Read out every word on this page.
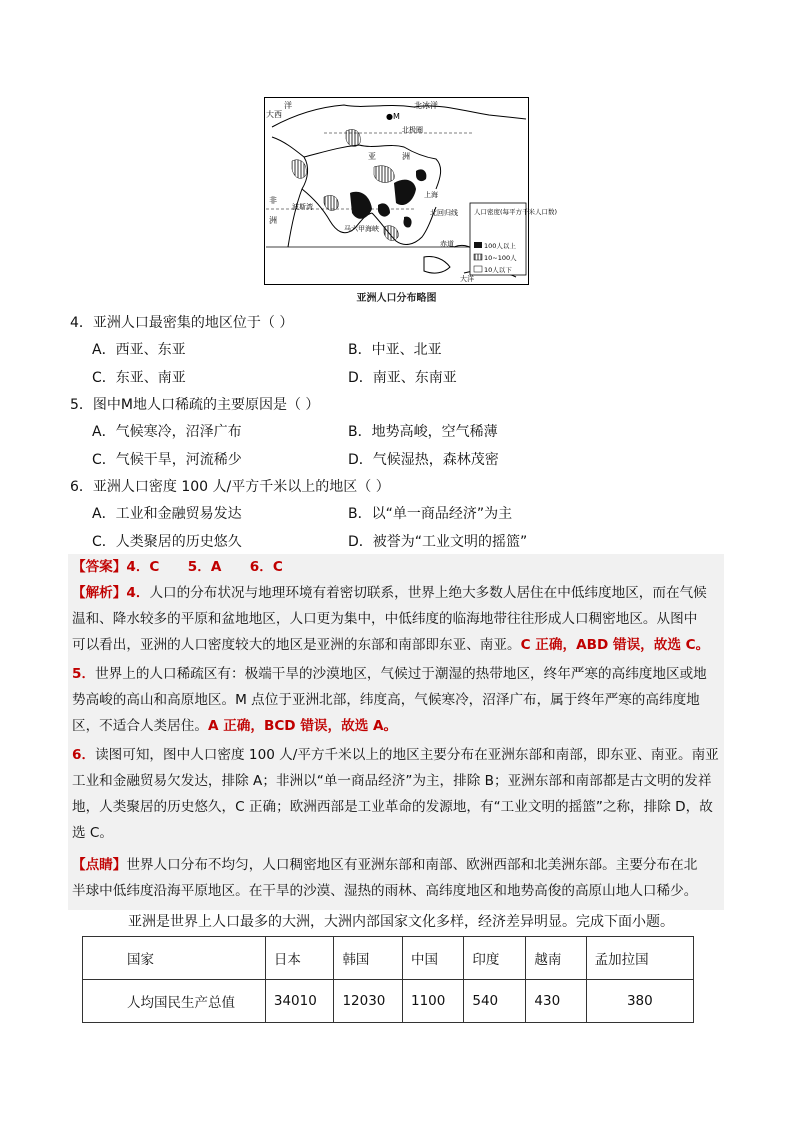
北冰洋
洋
大西	●M
北极圈
亚	洲
上海
非
洲
波斯湾
北回归线
马六甲海峡
赤道
大洋
人口密度(每平方千米人口数)
100人以上
10~100人
10人以下
亚洲人口分布略图
4．亚洲人口最密集的地区位于（ ）
A．西亚、东亚	B．中亚、北亚
C．东亚、南亚	D．南亚、东南亚
5．图中M地人口稀疏的主要原因是（ ）
A．气候寒冷，沼泽广布	B．地势高峻，空气稀薄
C．气候干旱，河流稀少	D．气候湿热，森林茂密
6．亚洲人口密度 100 人/平方千米以上的地区（ ）
A．工业和金融贸易发达	B．以“单一商品经济”为主
C．人类聚居的历史悠久	D．被誉为“工业文明的摇篮”
【答案】4．C      5．A      6．C
【解析】4．人口的分布状况与地理环境有着密切联系，世界上绝大多数人居住在中低纬度地区，而在气候
温和、降水较多的平原和盆地地区，人口更为集中，中低纬度的临海地带往往形成人口稠密地区。从图中
可以看出，亚洲的人口密度较大的地区是亚洲的东部和南部即东亚、南亚。C 正确，ABD 错误，故选 C。
5．世界上的人口稀疏区有：极端干旱的沙漠地区，气候过于潮湿的热带地区，终年严寒的高纬度地区或地
势高峻的高山和高原地区。M 点位于亚洲北部，纬度高，气候寒冷，沼泽广布，属于终年严寒的高纬度地
区，不适合人类居住。A 正确，BCD 错误，故选 A。
6．读图可知，图中人口密度 100 人/平方千米以上的地区主要分布在亚洲东部和南部，即东亚、南亚。南亚
工业和金融贸易欠发达，排除 A；非洲以“单一商品经济”为主，排除 B；亚洲东部和南部都是古文明的发祥
地，人类聚居的历史悠久，C 正确；欧洲西部是工业革命的发源地，有“工业文明的摇篮”之称，排除 D，故
选 C。
【点睛】世界人口分布不均匀，人口稠密地区有亚洲东部和南部、欧洲西部和北美洲东部。主要分布在北
半球中低纬度沿海平原地区。在干旱的沙漠、湿热的雨林、高纬度地区和地势高俊的高原山地人口稀少。
亚洲是世界上人口最多的大洲，大洲内部国家文化多样，经济差异明显。完成下面小题。
国家	日本	韩国	中国	印度	越南	孟加拉国
人均国民生产总值	34010	12030	1100	540	430	380
